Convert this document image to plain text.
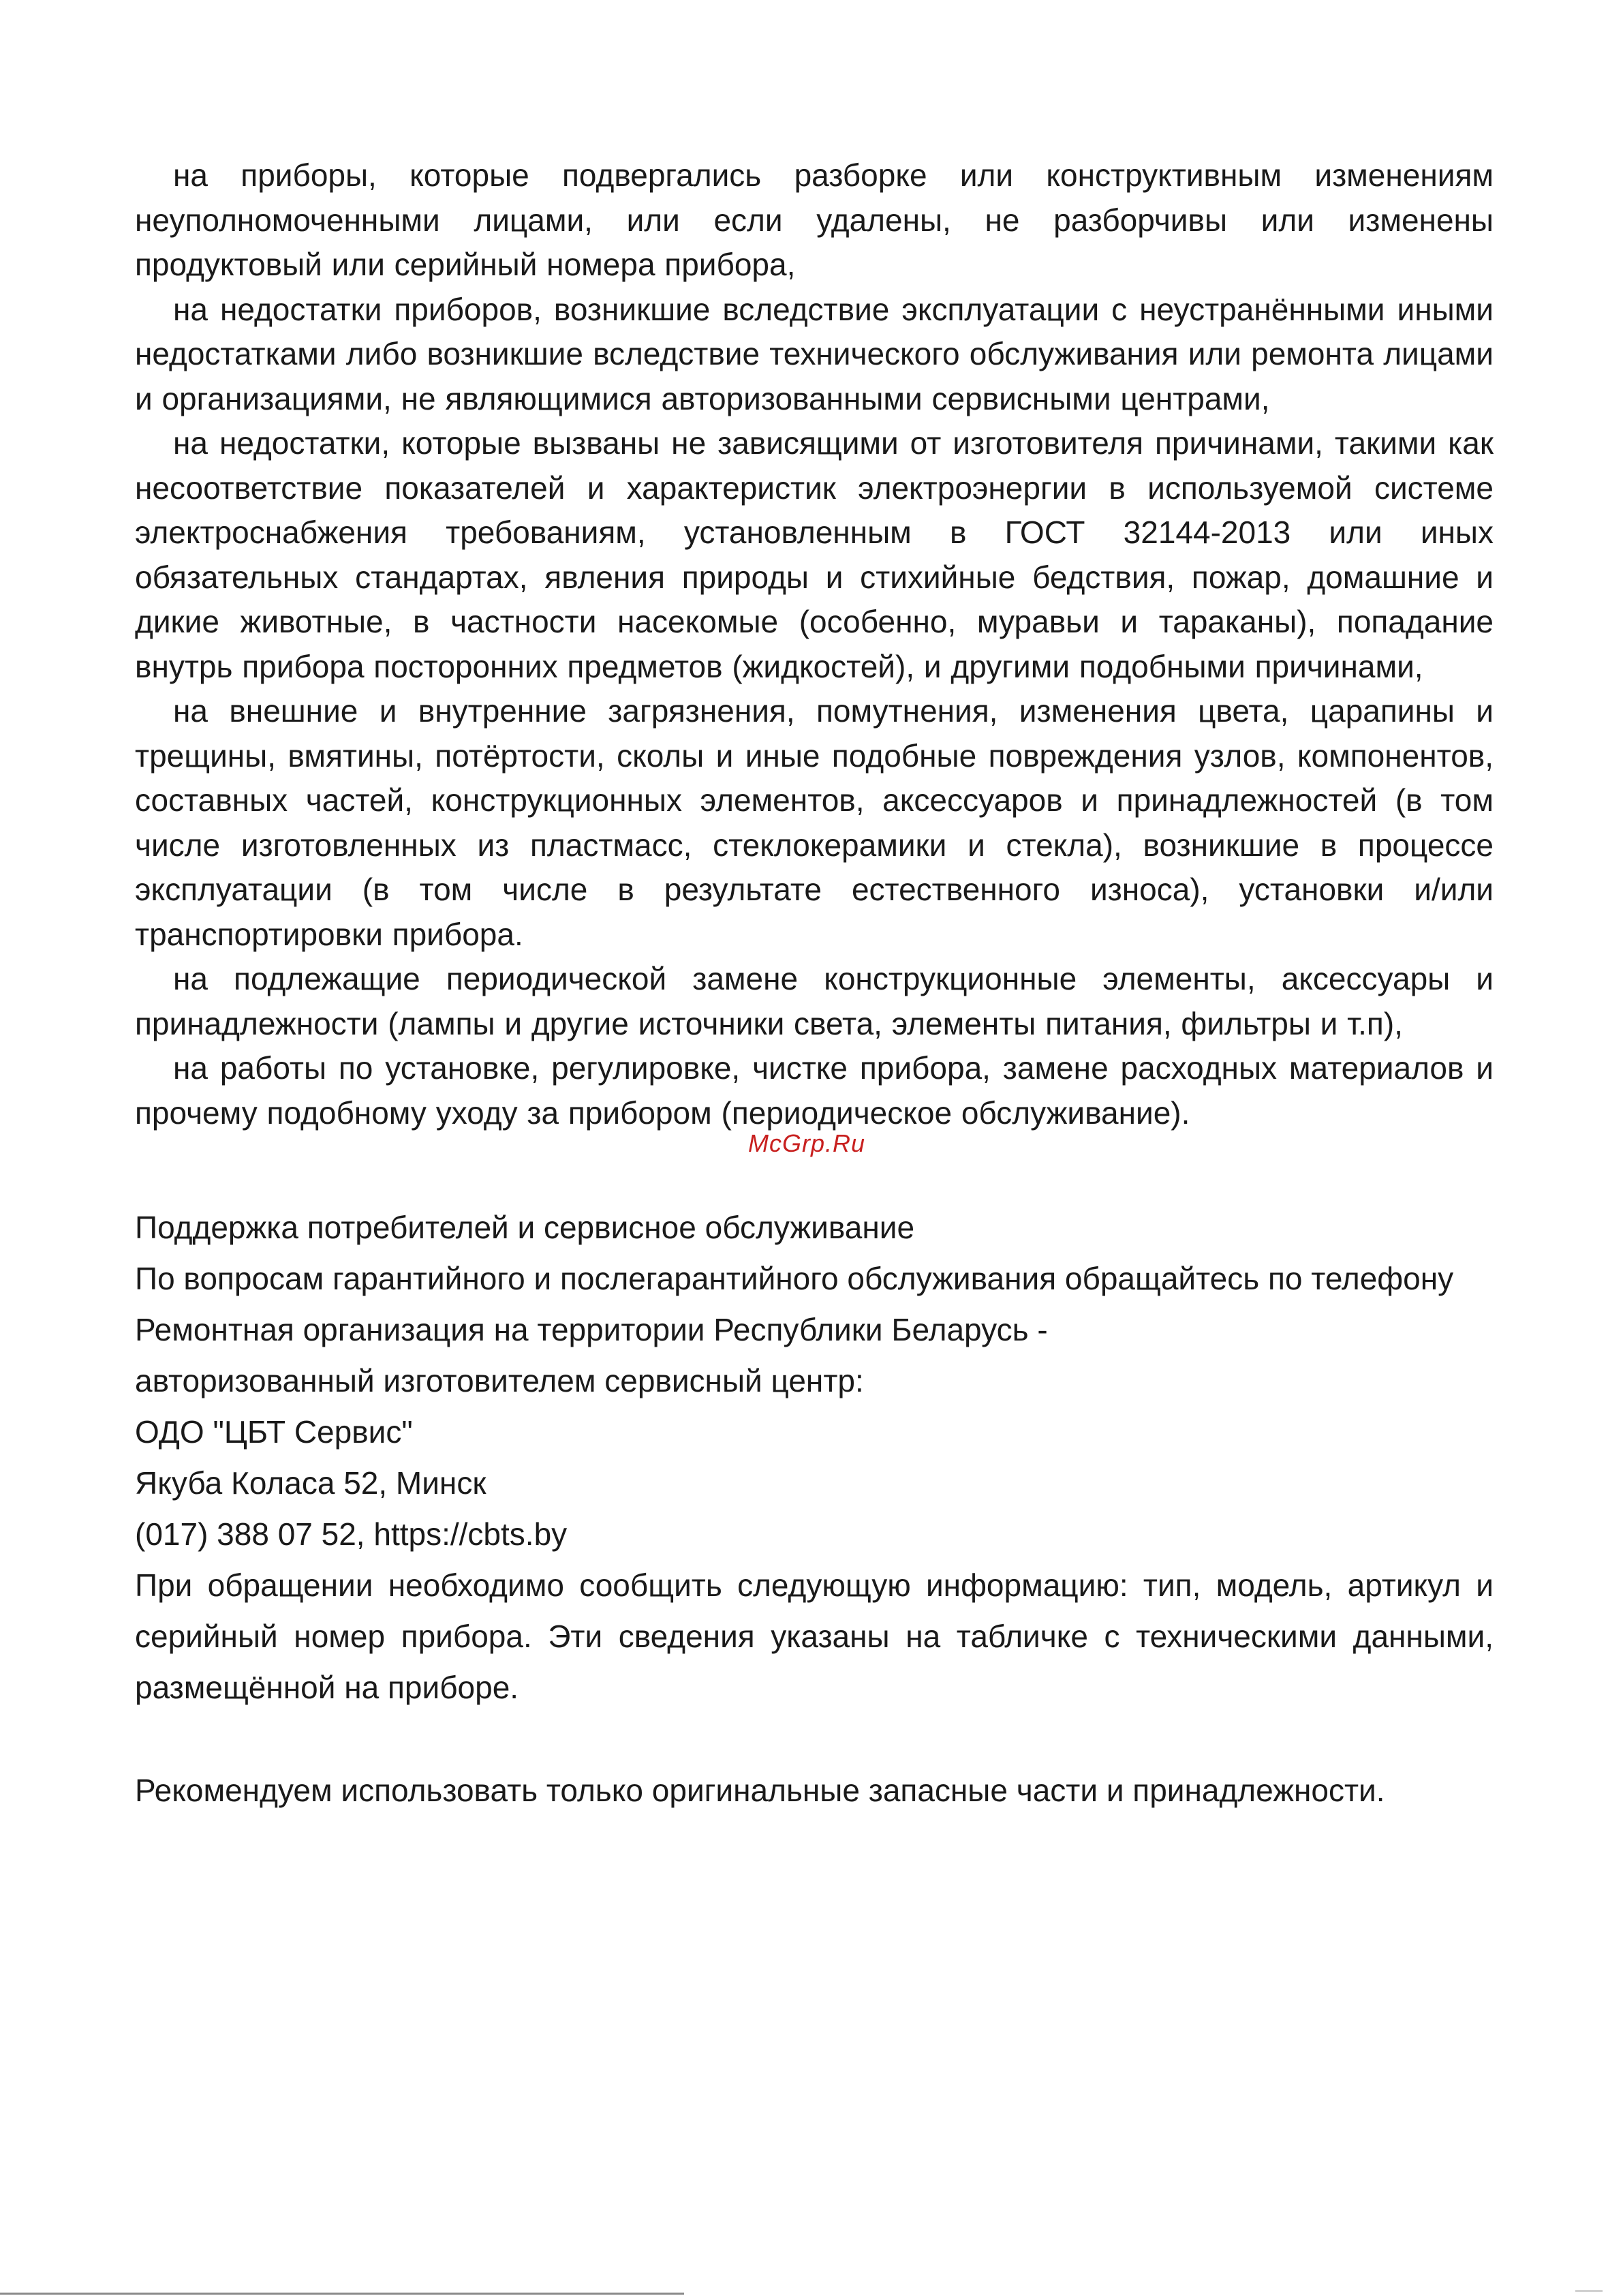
на приборы, которые подвергались разборке или конструктивным изменениям неуполномоченными лицами, или если удалены, не разборчивы или изменены продуктовый или серийный номера прибора,

на недостатки приборов, возникшие вследствие эксплуатации с неустранёнными иными недостатками либо возникшие вследствие технического обслуживания или ремонта лицами и организациями, не являющимися авторизованными сервисными центрами,

на недостатки, которые вызваны не зависящими от изготовителя причинами, такими как несоответствие показателей и характеристик электроэнергии в используемой системе электроснабжения требованиям, установленным в ГОСТ 32144-2013 или иных обязательных стандартах, явления природы и стихийные бедствия, пожар, домашние и дикие животные, в частности насекомые (особенно, муравьи и тараканы), попадание внутрь прибора посторонних предметов (жидкостей), и другими подобными причинами,

на внешние и внутренние загрязнения, помутнения, изменения цвета, царапины и трещины, вмятины, потёртости, сколы и иные подобные повреждения узлов, компонентов, составных частей, конструкционных элементов, аксессуаров и принадлежностей (в том числе изготовленных из пластмасс, стеклокерамики и стекла), возникшие в процессе эксплуатации (в том числе в результате естественного износа), установки и/или транспортировки прибора.

на подлежащие периодической замене конструкционные элементы, аксессуары и принадлежности (лампы и другие источники света, элементы питания, фильтры и т.п),

на работы по установке, регулировке, чистке прибора, замене расходных материалов и прочему подобному уходу за прибором (периодическое обслуживание).

Поддержка потребителей и сервисное обслуживание

По вопросам гарантийного и послегарантийного обслуживания обращайтесь по телефону

Ремонтная организация на территории Республики Беларусь -

авторизованный изготовителем сервисный центр:

ОДО "ЦБТ Сервис"

Якуба Коласа 52, Минск

(017) 388 07 52, https://cbts.by

При обращении необходимо сообщить следующую информацию: тип, модель, артикул и серийный номер прибора. Эти сведения указаны на табличке с техническими данными, размещённой на приборе.

Рекомендуем использовать только оригинальные запасные части и принадлежности.

McGrp.Ru
